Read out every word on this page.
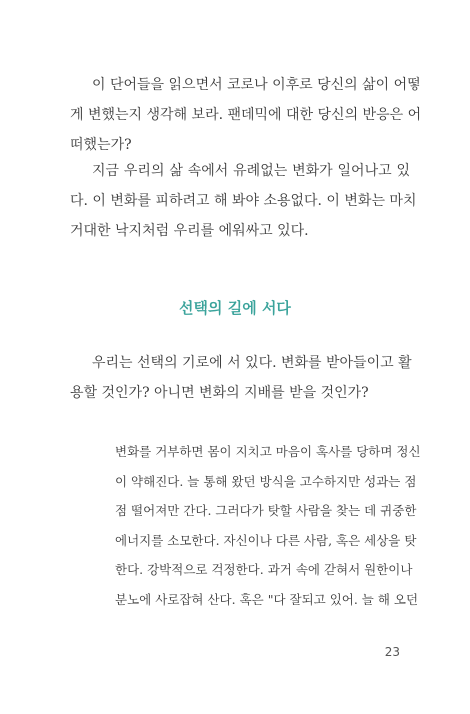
이 단어들을 읽으면서 코로나 이후로 당신의 삶이 어떻
게 변했는지 생각해 보라. 팬데믹에 대한 당신의 반응은 어
떠했는가?

지금 우리의 삶 속에서 유례없는 변화가 일어나고 있
다. 이 변화를 피하려고 해 봐야 소용없다. 이 변화는 마치
거대한 낙지처럼 우리를 에워싸고 있다.

선택의 길에 서다

우리는 선택의 기로에 서 있다. 변화를 받아들이고 활
용할 것인가? 아니면 변화의 지배를 받을 것인가?

변화를 거부하면 몸이 지치고 마음이 혹사를 당하며 정신
이 약해진다. 늘 통해 왔던 방식을 고수하지만 성과는 점
점 떨어져만 간다. 그러다가 탓할 사람을 찾는 데 귀중한
에너지를 소모한다. 자신이나 다른 사람, 혹은 세상을 탓
한다. 강박적으로 걱정한다. 과거 속에 갇혀서 원한이나
분노에 사로잡혀 산다. 혹은 "다 잘되고 있어. 늘 해 오던

23
